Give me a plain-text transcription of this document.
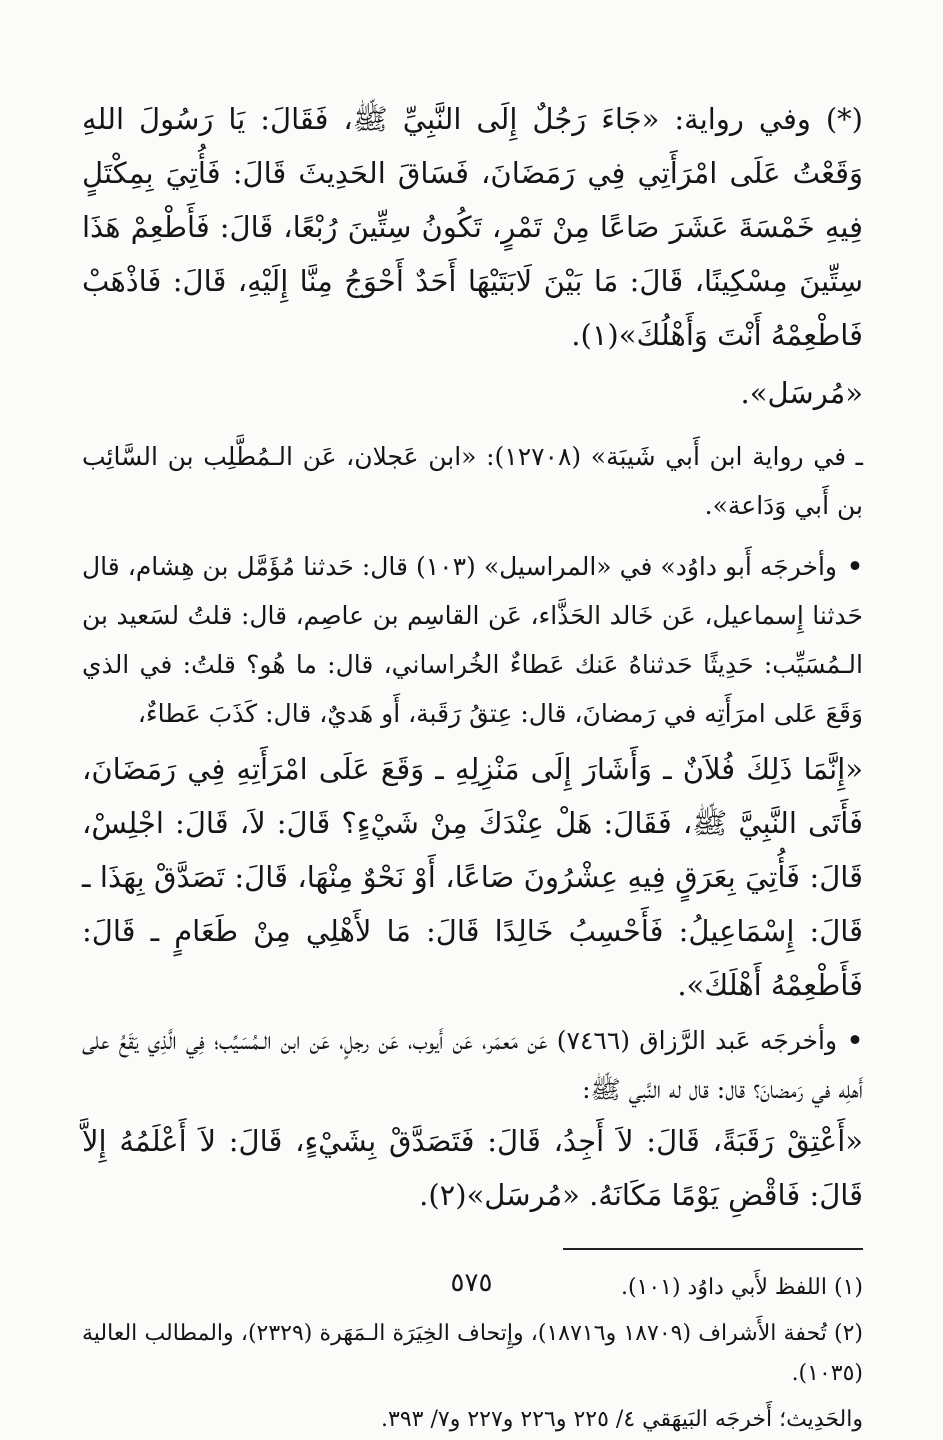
(*) وفي رواية: «جَاءَ رَجُلٌ إِلَى النَّبِيِّ ﷺ، فَقَالَ: يَا رَسُولَ اللهِ وَقَعْتُ عَلَى امْرَأَتِي فِي رَمَضَانَ، فَسَاقَ الحَدِيثَ قَالَ: فَأُتِيَ بِمِكْتَلٍ فِيهِ خَمْسَةَ عَشَرَ صَاعًا مِنْ تَمْرٍ، تَكُونُ سِتِّينَ رُبْعًا، قَالَ: فَأَطْعِمْ هَذَا سِتِّينَ مِسْكِينًا، قَالَ: مَا بَيْنَ لَابَتَيْهَا أَحَدٌ أَحْوَجُ مِنَّا إِلَيْهِ، قَالَ: فَاذْهَبْ فَاطْعِمْهُ أَنْتَ وَأَهْلُكَ»(١).

«مُرسَل».

ـ في رواية ابن أَبي شَيبَة» (١٢٧٠٨): «ابن عَجلان، عَن الـمُطَّلِب بن السَّائِب بن أَبي وَدَاعة».

•وأخرجَه أَبو داوُد» في «المراسيل» (١٠٣) قال: حَدثنا مُؤَمَّل بن هِشام، قال حَدثنا إِسماعيل، عَن خَالد الحَذَّاء، عَن القاسِم بن عاصِم، قال: قلتُ لسَعيد بن الـمُسَيِّب: حَدِيثًا حَدثناهُ عَنك عَطاءٌ الخُراساني، قال: ما هُو؟ قلتُ: في الذي وَقَعَ عَلى امرَأَتِه في رَمضانَ، قال: عِتقُ رَقَبة، أَو هَديٌ، قال: كَذَبَ عَطاءٌ،

«إِنَّمَا ذَلِكَ فُلاَنٌ ـ وَأَشَارَ إِلَى مَنْزِلِهِ ـ وَقَعَ عَلَى امْرَأَتِهِ فِي رَمَضَانَ، فَأَتَى النَّبِيَّ ﷺ، فَقَالَ: هَلْ عِنْدَكَ مِنْ شَيْءٍ؟ قَالَ: لاَ، قَالَ: اجْلِسْ، قَالَ: فَأُتِيَ بِعَرَقٍ فِيهِ عِشْرُونَ صَاعًا، أَوْ نَحْوٌ مِنْهَا، قَالَ: تَصَدَّقْ بِهَذَا ـ قَالَ: إِسْمَاعِيلُ: فَأَحْسِبُ خَالِدًا قَالَ: مَا لأَهْلِي مِنْ طَعَامٍ ـ قَالَ: فَأَطْعِمْهُ أَهْلَكَ».

•وأخرجَه عَبد الرَّزاق (٧٤٦٦) عَن مَعمَر، عَن أَيوب، عَن رجلٍ، عَن ابن الـمُسَيِّب؛ فِي الَّذِي يَقَعُ على أَهلِه في رَمضانَ؟ قال: قال له النَّبي ﷺ:

«أَعْتِقْ رَقَبَةً، قَالَ: لاَ أَجِدُ، قَالَ: فَتَصَدَّقْ بِشَيْءٍ، قَالَ: لاَ أَعْلَمُهُ إِلاَّ قَالَ: فَاقْضِ يَوْمًا مَكَانَهُ. «مُرسَل»(٢).

(١) اللفظ لأَبي داوُد (١٠١).

(٢) تُحفة الأَشراف (١٨٧٠٩ و١٨٧١٦)، وإِتحاف الخِيَرَة الـمَهَرة (٢٣٢٩)، والمطالب العالية (١٠٣٥).

والحَدِيث؛ أَخرجَه البَيهَقي ٤/ ٢٢٥ و٢٢٦ و٢٢٧ و٧/ ٣٩٣.

٥٧٥
